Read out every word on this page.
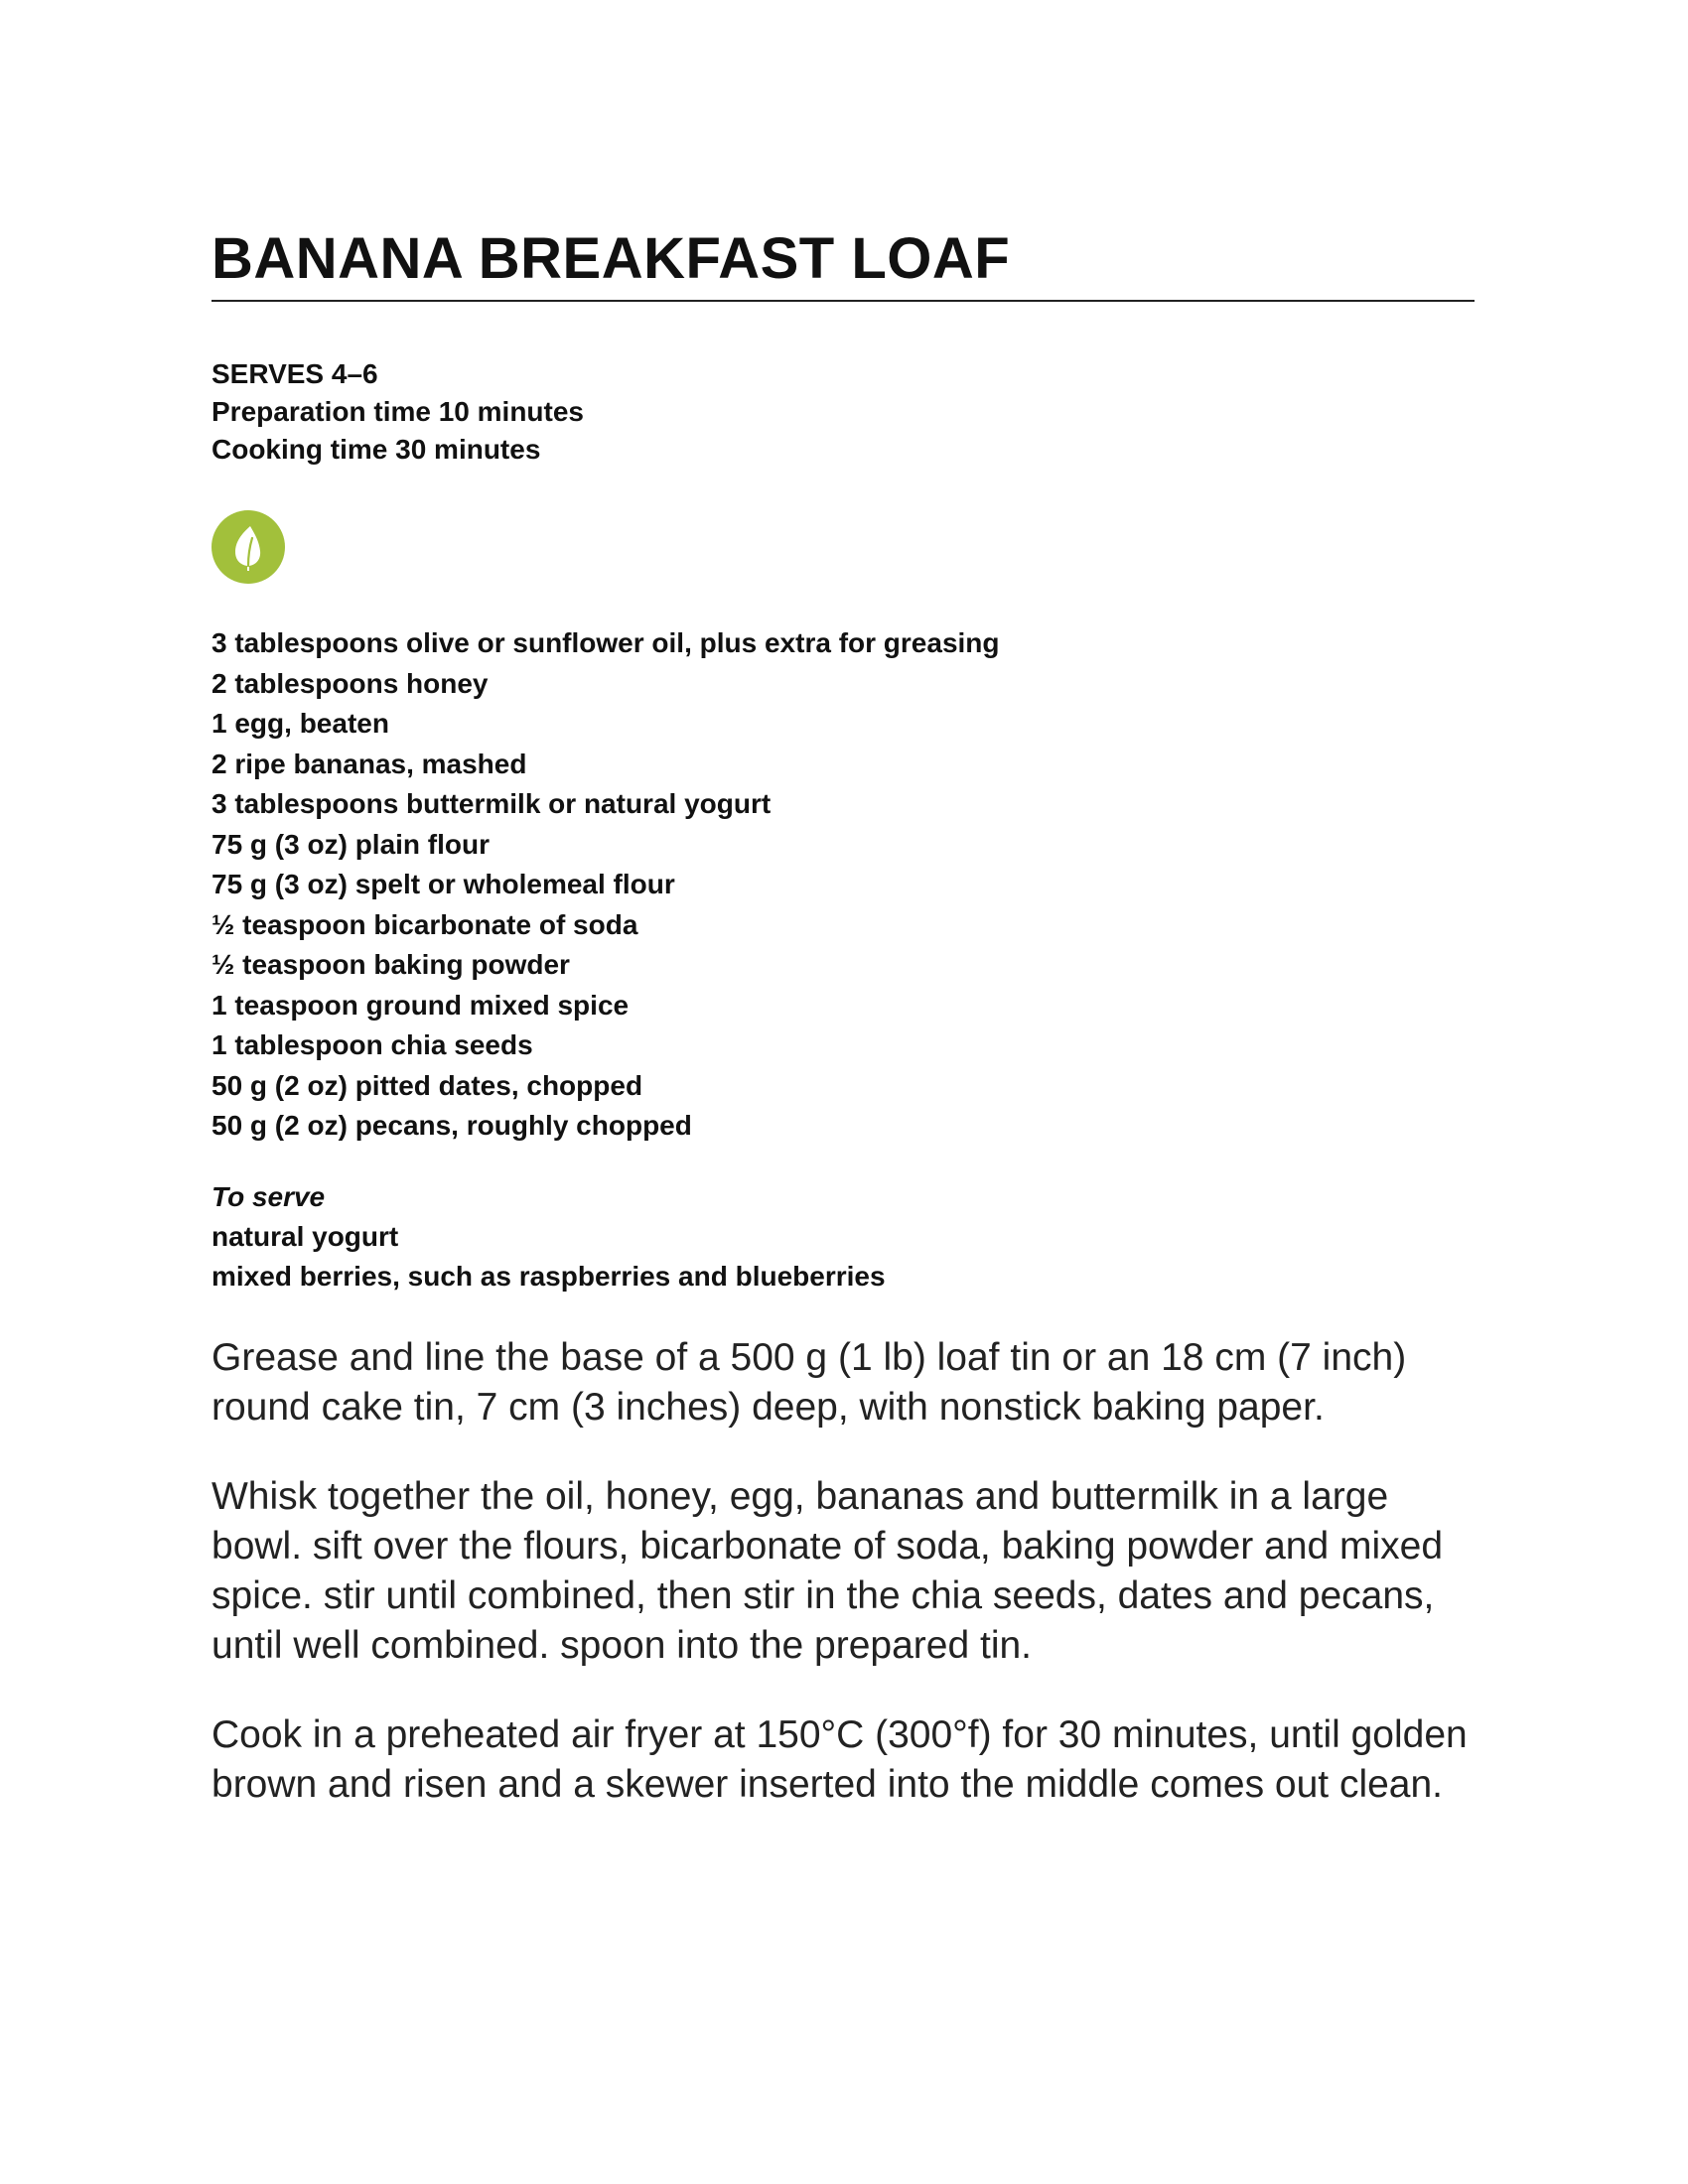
BANANA BREAKFAST LOAF
SERVES 4–6
Preparation time 10 minutes
Cooking time 30 minutes
3 tablespoons olive or sunflower oil, plus extra for greasing
2 tablespoons honey
1 egg, beaten
2 ripe bananas, mashed
3 tablespoons buttermilk or natural yogurt
75 g (3 oz) plain flour
75 g (3 oz) spelt or wholemeal flour
½ teaspoon bicarbonate of soda
½ teaspoon baking powder
1 teaspoon ground mixed spice
1 tablespoon chia seeds
50 g (2 oz) pitted dates, chopped
50 g (2 oz) pecans, roughly chopped
To serve
natural yogurt
mixed berries, such as raspberries and blueberries

Grease and line the base of a 500 g (1 lb) loaf tin or an 18 cm (7 inch) round cake tin, 7 cm (3 inches) deep, with nonstick baking paper.

Whisk together the oil, honey, egg, bananas and buttermilk in a large bowl. sift over the flours, bicarbonate of soda, baking powder and mixed spice. stir until combined, then stir in the chia seeds, dates and pecans, until well combined. spoon into the prepared tin.

Cook in a preheated air fryer at 150°C (300°f) for 30 minutes, until golden brown and risen and a skewer inserted into the middle comes out clean.
